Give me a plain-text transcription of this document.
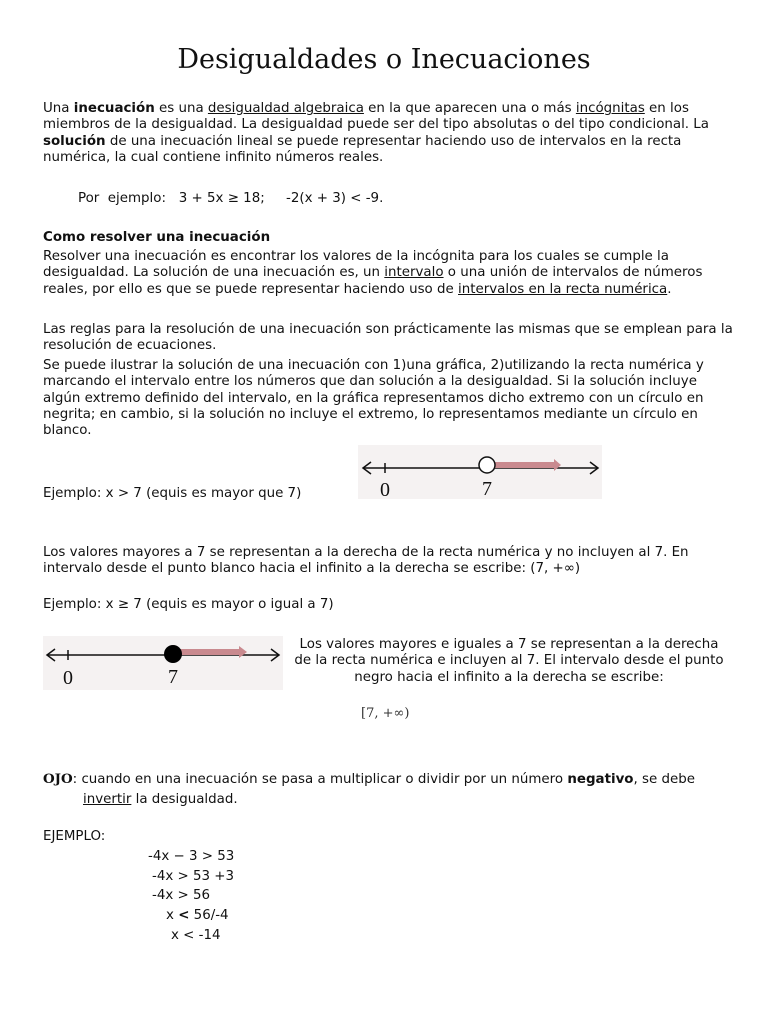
Desigualdades o Inecuaciones

Una inecuación es una desigualdad algebraica en la que aparecen una o más incógnitas en los miembros de la desigualdad. La desigualdad puede ser del tipo absolutas o del tipo condicional. La solución de una inecuación lineal se puede representar haciendo uso de intervalos en la recta numérica, la cual contiene infinito números reales.

Por  ejemplo:   3 + 5x ≥ 18;     -2(x + 3) < -9.

Como resolver una inecuación

Resolver una inecuación es encontrar los valores de la incógnita para los cuales se cumple la desigualdad. La solución de una inecuación es, un intervalo o una unión de intervalos de números reales, por ello es que se puede representar haciendo uso de intervalos en la recta numérica.

Las reglas para la resolución de una inecuación son prácticamente las mismas que se emplean para la resolución de ecuaciones.

Se puede ilustrar la solución de una inecuación con 1)una gráfica, 2)utilizando la recta numérica y marcando el intervalo entre los números que dan solución a la desigualdad. Si la solución incluye algún extremo definido del intervalo, en la gráfica representamos dicho extremo con un círculo en negrita; en cambio, si la solución no incluye el extremo, lo representamos mediante un círculo en blanco.

Ejemplo: x > 7 (equis es mayor que 7)	0	7

Los valores mayores a 7 se representan a la derecha de la recta numérica y no incluyen al 7. En intervalo desde el punto blanco hacia el infinito a la derecha se escribe: (7, +∞)

Ejemplo: x ≥ 7 (equis es mayor o igual a 7)

0	7

Los valores mayores e iguales a 7 se representan a la derecha de la recta numérica e incluyen al 7. El intervalo desde el punto negro hacia el infinito a la derecha se escribe:

[7, +∞)

OJO: cuando en una inecuación se pasa a multiplicar o dividir por un número negativo, se debe
invertir la desigualdad.

EJEMPLO:

-4x − 3 > 53

-4x > 53 +3

-4x > 56

x < 56/-4

x < -14
